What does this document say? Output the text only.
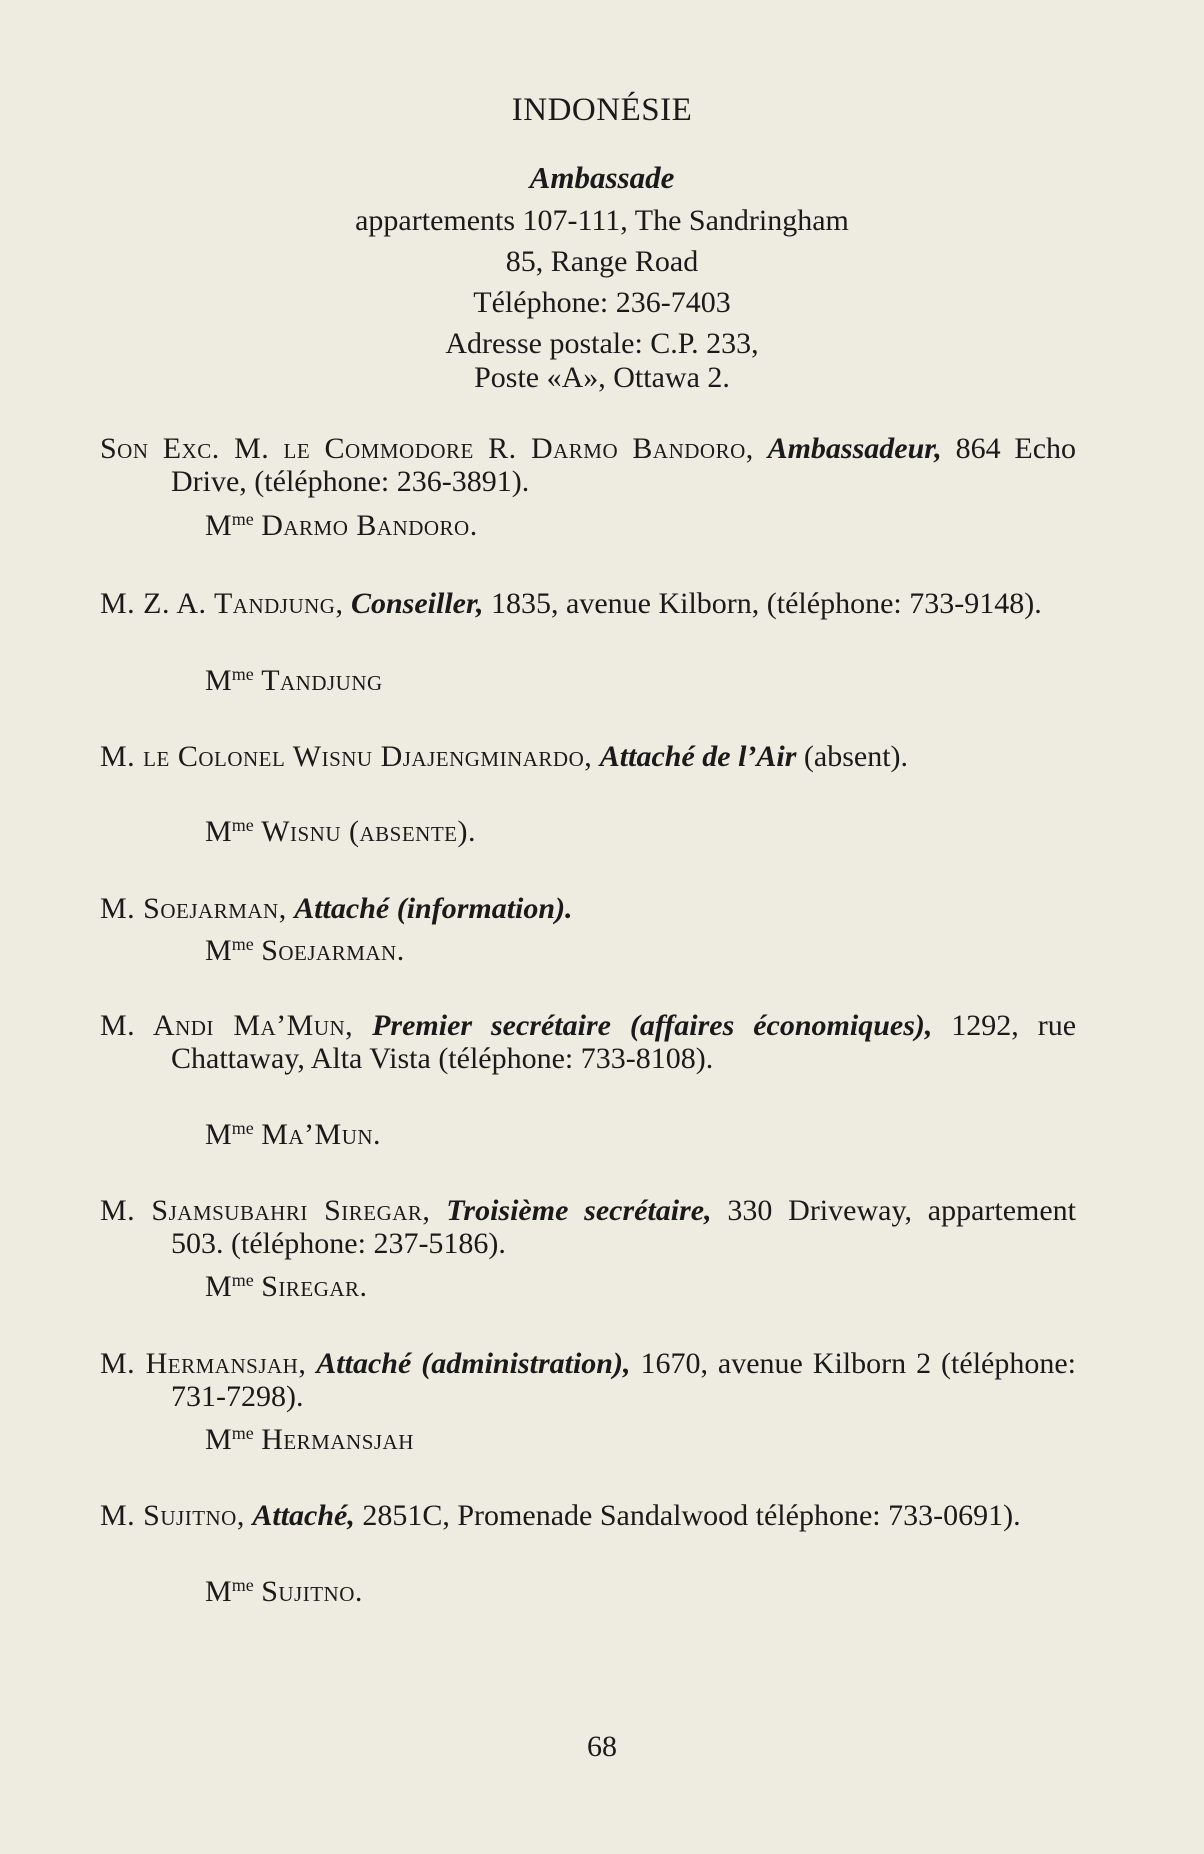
INDONÉSIE
Ambassade
appartements 107-111, The Sandringham
85, Range Road
Téléphone: 236-7403
Adresse postale: C.P. 233,
Poste «A», Ottawa 2.
Son Exc. M. le Commodore R. Darmo Bandoro, Ambassadeur, 864 Echo Drive, (téléphone: 236-3891).
$M^{me}$ Darmo Bandoro.
M. Z. A. Tandjung, Conseiller, 1835, avenue Kilborn, (téléphone: 733-9148).
$M^{me}$ Tandjung
M. le Colonel Wisnu Djajengminardo, Attaché de l’Air (absent).
$M^{me}$ Wisnu (absente).
M. Soejarman, Attaché (information).
$M^{me}$ Soejarman.
M. Andi Ma’Mun, Premier secrétaire (affaires économiques), 1292, rue Chattaway, Alta Vista (téléphone: 733-8108).
$M^{me}$ Ma’Mun.
M. Sjamsubahri Siregar, Troisième secrétaire, 330 Driveway, appartement 503. (téléphone: 237-5186).
$M^{me}$ Siregar.
M. Hermansjah, Attaché (administration), 1670, avenue Kilborn 2 (téléphone: 731-7298).
$M^{me}$ Hermansjah
M. Sujitno, Attaché, 2851C, Promenade Sandalwood téléphone: 733-0691).
$M^{me}$ Sujitno.
68
